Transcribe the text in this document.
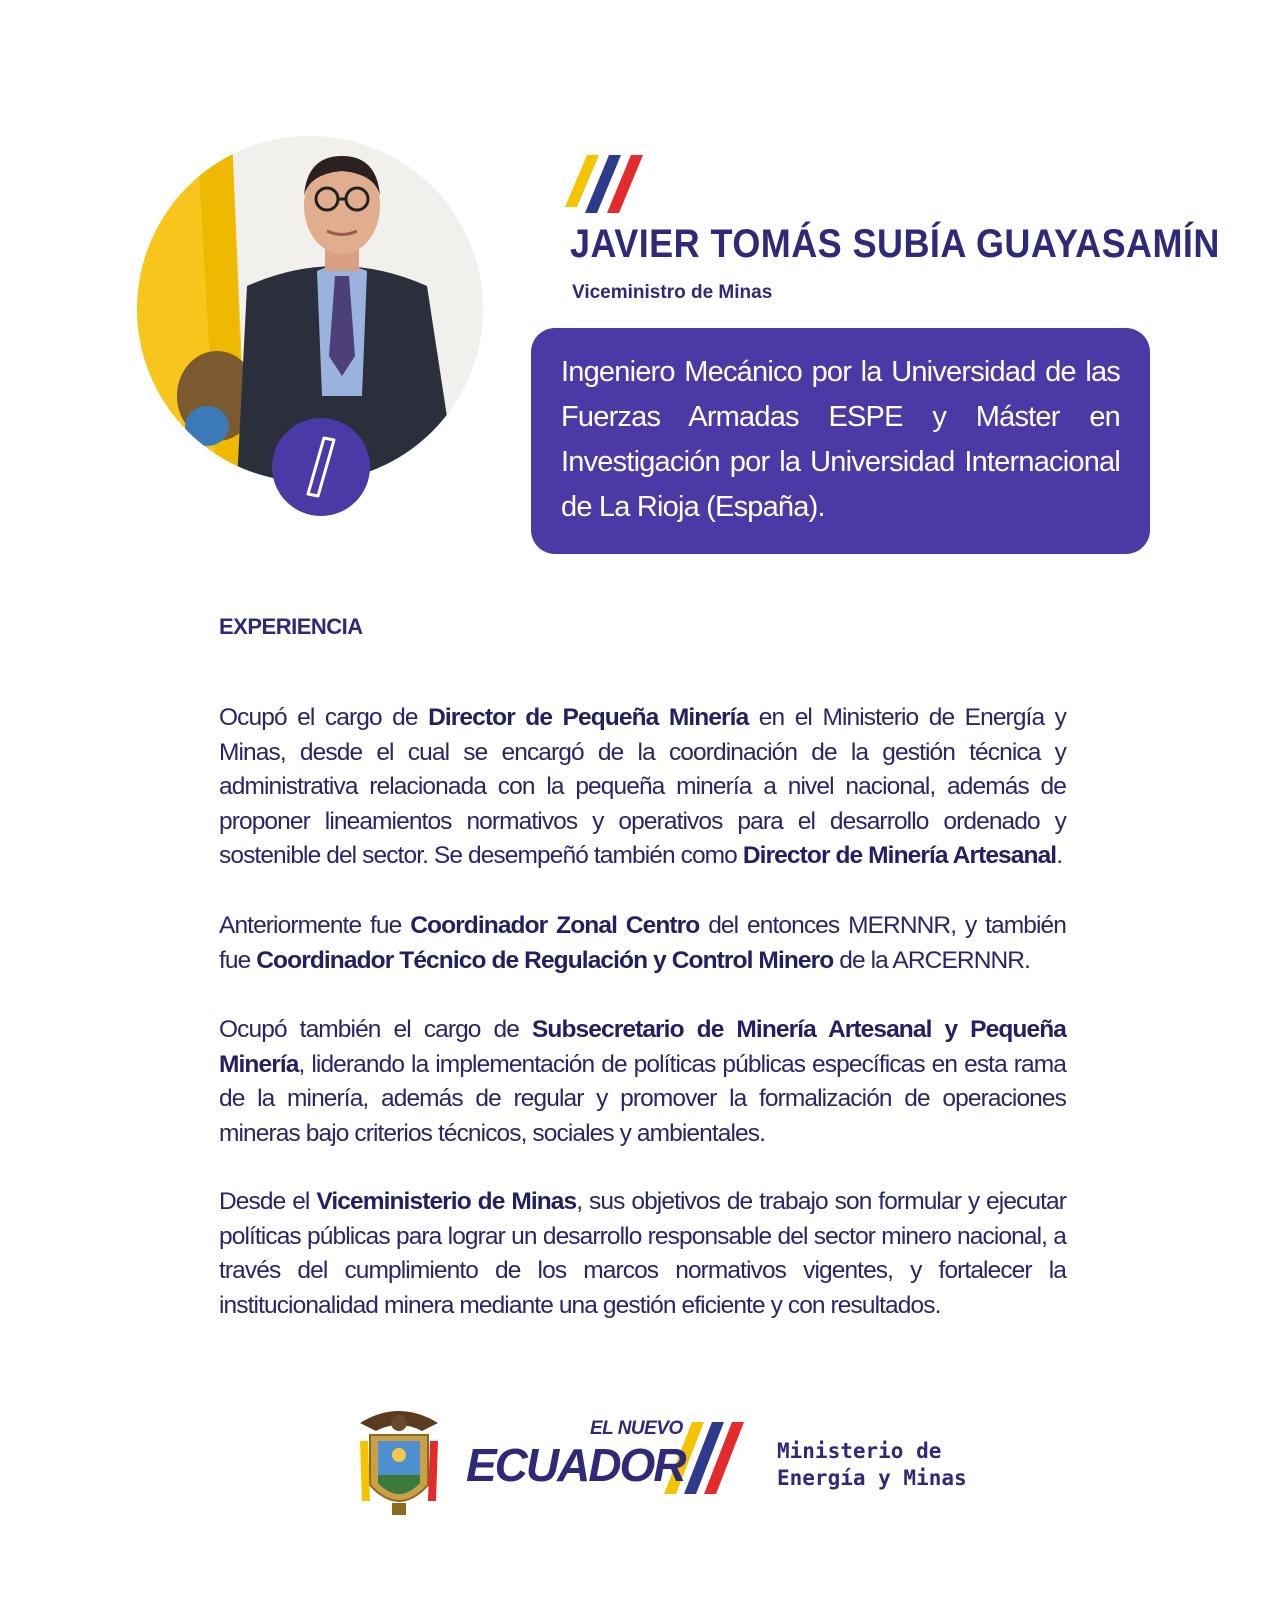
JAVIER TOMÁS SUBÍA GUAYASAMÍN
Viceministro de Minas

Ingeniero Mecánico por la Universidad de las Fuerzas Armadas ESPE y Máster en Investigación por la Universidad Internacional de La Rioja (España).

EXPERIENCIA

Ocupó el cargo de Director de Pequeña Minería en el Ministerio de Energía y Minas, desde el cual se encargó de la coordinación de la gestión técnica y administrativa relacionada con la pequeña minería a nivel nacional, además de proponer lineamientos normativos y operativos para el desarrollo ordenado y sostenible del sector. Se desempeñó también como Director de Minería Artesanal.

Anteriormente fue Coordinador Zonal Centro del entonces MERNNR, y también fue Coordinador Técnico de Regulación y Control Minero de la ARCERNNR.

Ocupó también el cargo de Subsecretario de Minería Artesanal y Pequeña Minería, liderando la implementación de políticas públicas específicas en esta rama de la minería, además de regular y promover la formalización de operaciones mineras bajo criterios técnicos, sociales y ambientales.

Desde el Viceministerio de Minas, sus objetivos de trabajo son formular y ejecutar políticas públicas para lograr un desarrollo responsable del sector minero nacional, a través del cumplimiento de los marcos normativos vigentes, y fortalecer la institucionalidad minera mediante una gestión eficiente y con resultados.

EL NUEVO
ECUADOR	Ministerio de
Energía y Minas
